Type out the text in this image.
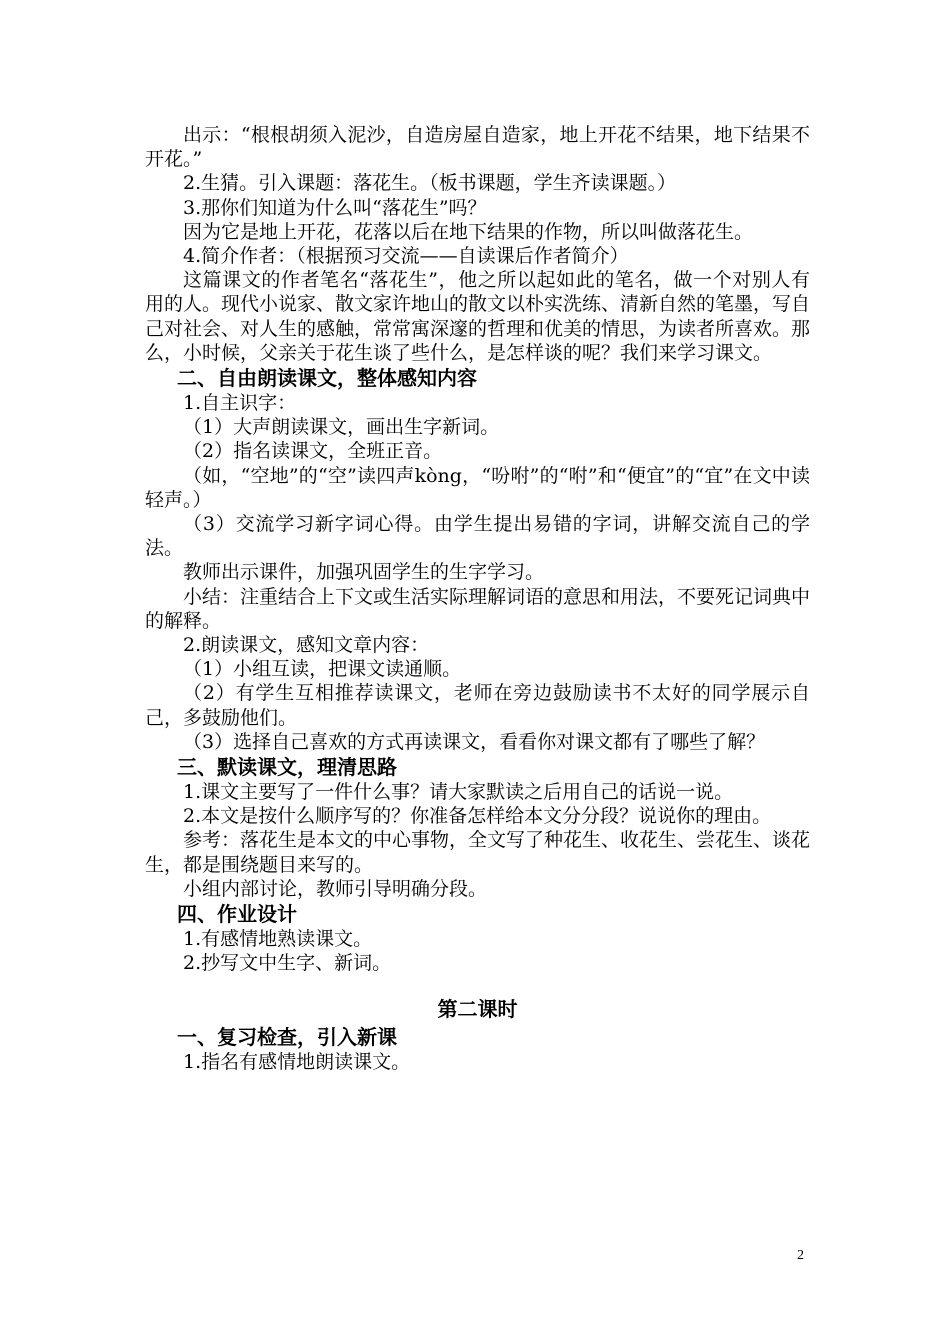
出示：“根根胡须入泥沙，自造房屋自造家，地上开花不结果，地下结果不开花。”

2.生猜。引入课题：落花生。（板书课题，学生齐读课题。）

3.那你们知道为什么叫“落花生”吗？

因为它是地上开花，花落以后在地下结果的作物，所以叫做落花生。

4.简介作者：（根据预习交流——自读课后作者简介）

这篇课文的作者笔名“落花生”，他之所以起如此的笔名，做一个对别人有用的人。现代小说家、散文家许地山的散文以朴实洗练、清新自然的笔墨，写自己对社会、对人生的感触，常常寓深邃的哲理和优美的情思，为读者所喜欢。那么，小时候，父亲关于花生谈了些什么，是怎样谈的呢？我们来学习课文。

二、自由朗读课文，整体感知内容

1.自主识字：

（1）大声朗读课文，画出生字新词。

（2）指名读课文，全班正音。

（如，“空地”的“空”读四声kòng，“吩咐”的“咐”和“便宜”的“宜”在文中读轻声。）

（3）交流学习新字词心得。由学生提出易错的字词，讲解交流自己的学法。

教师出示课件，加强巩固学生的生字学习。

小结：注重结合上下文或生活实际理解词语的意思和用法，不要死记词典中的解释。

2.朗读课文，感知文章内容：

（1）小组互读，把课文读通顺。

（2）有学生互相推荐读课文，老师在旁边鼓励读书不太好的同学展示自己，多鼓励他们。

（3）选择自己喜欢的方式再读课文，看看你对课文都有了哪些了解？

三、默读课文，理清思路

1.课文主要写了一件什么事？请大家默读之后用自己的话说一说。

2.本文是按什么顺序写的？你准备怎样给本文分分段？说说你的理由。

参考：落花生是本文的中心事物，全文写了种花生、收花生、尝花生、谈花生，都是围绕题目来写的。

小组内部讨论，教师引导明确分段。

四、作业设计

1.有感情地熟读课文。

2.抄写文中生字、新词。

第二课时

一、复习检查，引入新课

1.指名有感情地朗读课文。

2
